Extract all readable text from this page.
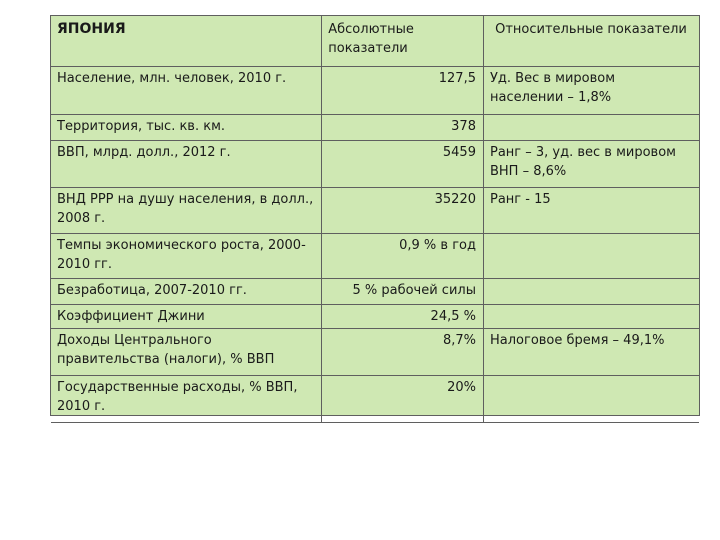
ЯПОНИЯ	Абсолютные показатели	Относительные показатели
Население, млн. человек, 2010 г.	127,5	Уд. Вес в мировом населении – 1,8%
Территория, тыс. кв. км.	378	
ВВП, млрд. долл., 2012 г.	5459	Ранг – 3, уд. вес в мировом ВНП – 8,6%
ВНД PPP на душу населения, в долл., 2008 г.	35220	Ранг - 15
Темпы экономического роста, 2000-2010 гг.	0,9 % в год	
Безработица, 2007-2010 гг.	5 % рабочей силы	
Коэффициент Джини	24,5 %	
Доходы Центрального правительства (налоги), % ВВП	8,7%	Налоговое бремя – 49,1%
Государственные расходы, % ВВП, 2010 г.	20%	
